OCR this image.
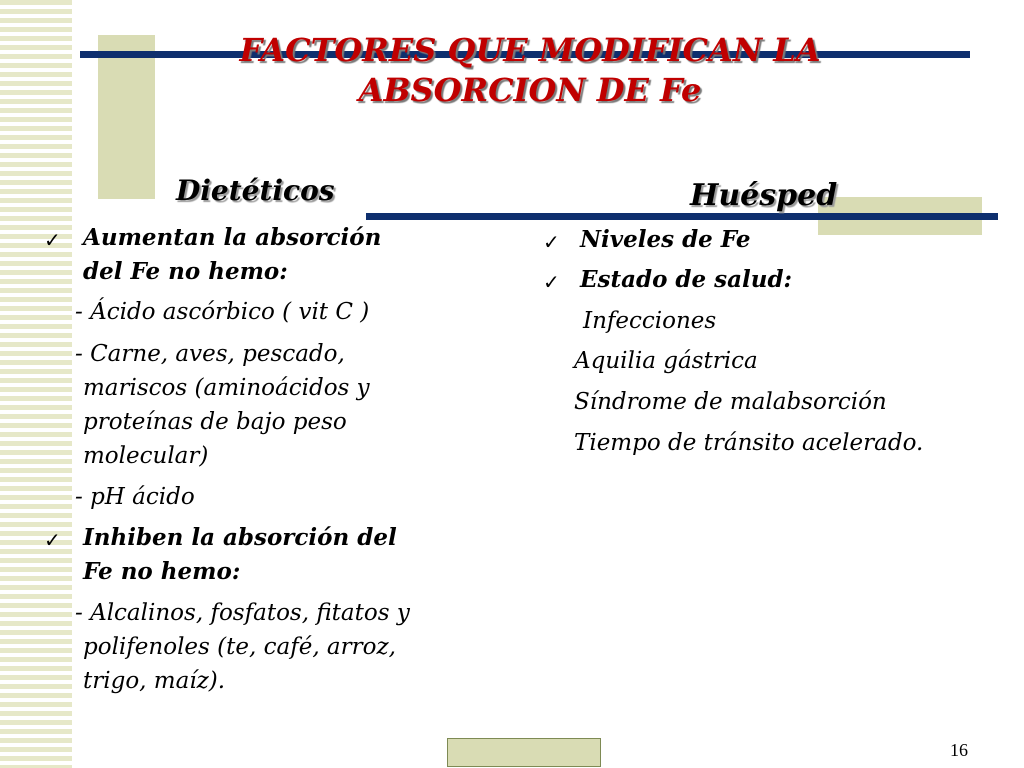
FACTORES QUE MODIFICAN LA
ABSORCION DE Fe
Dietéticos
✓ Aumentan la absorción
del Fe no hemo:
- Ácido ascórbico ( vit C )
- Carne, aves, pescado,
mariscos (aminoácidos y
proteínas de bajo peso
molecular)
- pH ácido
✓ Inhiben la absorción del
Fe no hemo:
- Alcalinos, fosfatos, fitatos y
polifenoles (te, café, arroz,
trigo, maíz).
Huésped
✓ Niveles de Fe
✓ Estado de salud:
Infecciones
Aquilia gástrica
Síndrome de malabsorción
Tiempo de tránsito acelerado.
16
